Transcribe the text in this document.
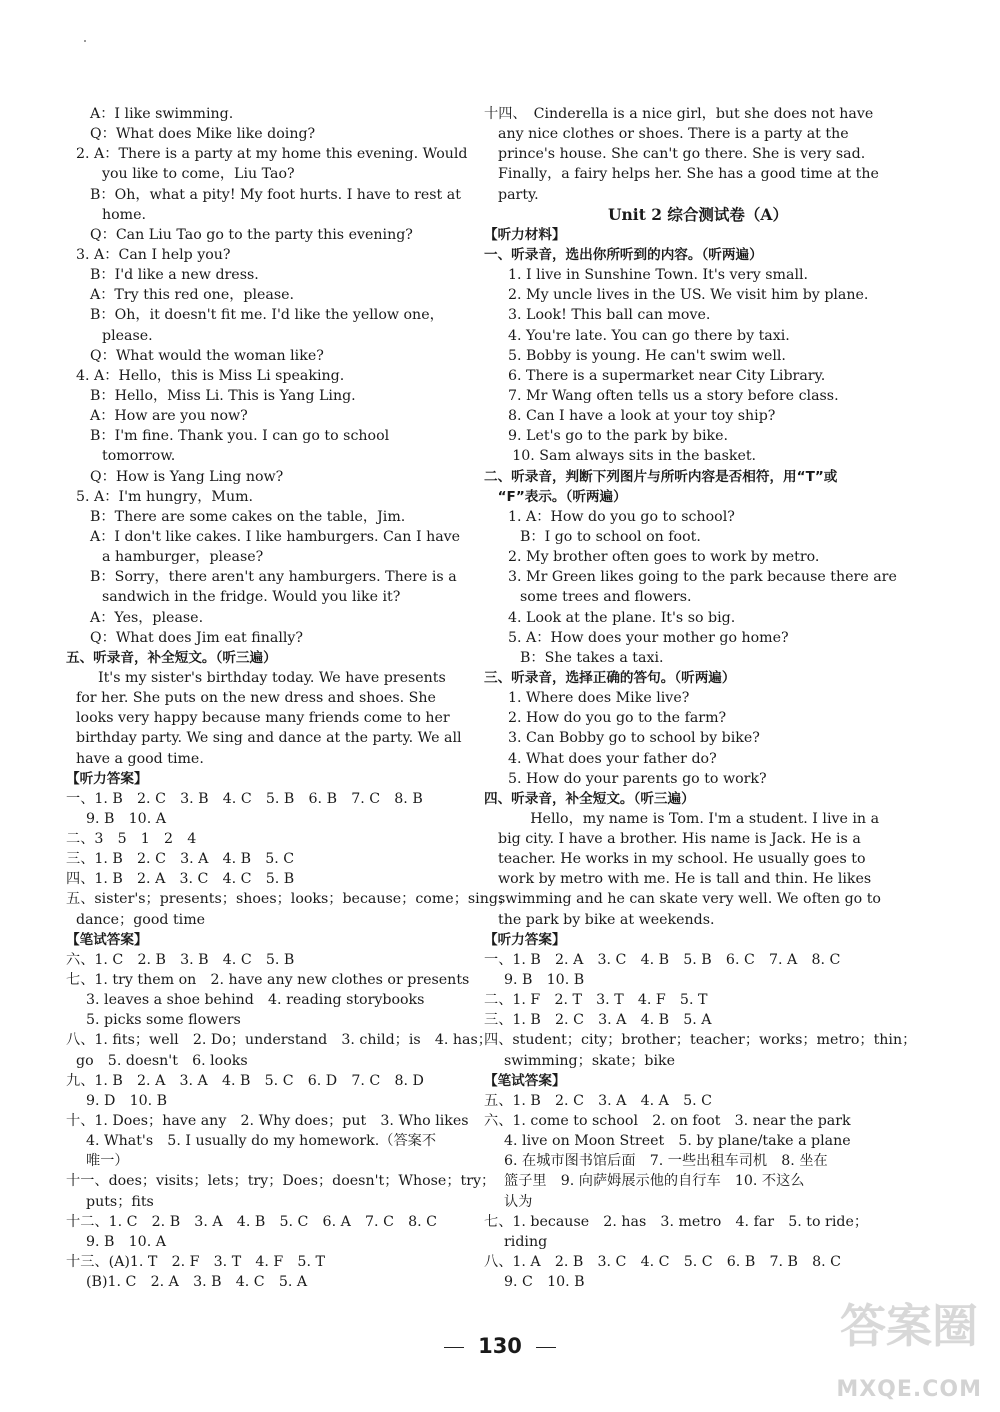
A：I like swimming.
Q：What does Mike like doing?
2. A：There is a party at my home this evening. Would
you like to come，Liu Tao?
B：Oh，what a pity! My foot hurts. I have to rest at
home.
Q：Can Liu Tao go to the party this evening?
3. A：Can I help you?
B：I'd like a new dress.
A：Try this red one，please.
B：Oh，it doesn't fit me. I'd like the yellow one，
please.
Q：What would the woman like?
4. A：Hello，this is Miss Li speaking.
B：Hello，Miss Li. This is Yang Ling.
A：How are you now?
B：I'm fine. Thank you. I can go to school
tomorrow.
Q：How is Yang Ling now?
5. A：I'm hungry，Mum.
B：There are some cakes on the table，Jim.
A：I don't like cakes. I like hamburgers. Can I have
a hamburger，please?
B：Sorry，there aren't any hamburgers. There is a
sandwich in the fridge. Would you like it?
A：Yes，please.
Q：What does Jim eat finally?
五、听录音，补全短文。（听三遍）
It's my sister's birthday today. We have presents
for her. She puts on the new dress and shoes. She
looks very happy because many friends come to her
birthday party. We sing and dance at the party. We all
have a good time.
【听力答案】
一、1. B　2. C　3. B　4. C　5. B　6. B　7. C　8. B
9. B　10. A
二、3　5　1　2　4
三、1. B　2. C　3. A　4. B　5. C
四、1. B　2. A　3. C　4. C　5. B
五、sister's；presents；shoes；looks；because；come；sing；
dance；good time
【笔试答案】
六、1. C　2. B　3. B　4. C　5. B
七、1. try them on　2. have any new clothes or presents
3. leaves a shoe behind　4. reading storybooks
5. picks some flowers
八、1. fits；well　2. Do；understand　3. child；is　4. has；
go　5. doesn't　6. looks
九、1. B　2. A　3. A　4. B　5. C　6. D　7. C　8. D
9. D　10. B
十、1. Does；have any　2. Why does；put　3. Who likes
4. What's　5. I usually do my homework.（答案不
唯一）
十一、does；visits；lets；try；Does；doesn't；Whose；try；
puts；fits
十二、1. C　2. B　3. A　4. B　5. C　6. A　7. C　8. C
9. B　10. A
十三、(A)1. T　2. F　3. T　4. F　5. T
(B)1. C　2. A　3. B　4. C　5. A
十四、　Cinderella is a nice girl，but she does not have
any nice clothes or shoes. There is a party at the
prince's house. She can't go there. She is very sad.
Finally，a fairy helps her. She has a good time at the
party.
Unit 2 综合测试卷（A）
【听力材料】
一、听录音，选出你所听到的内容。（听两遍）
1. I live in Sunshine Town. It's very small.
2. My uncle lives in the US. We visit him by plane.
3. Look! This ball can move.
4. You're late. You can go there by taxi.
5. Bobby is young. He can't swim well.
6. There is a supermarket near City Library.
7. Mr Wang often tells us a story before class.
8. Can I have a look at your toy ship?
9. Let's go to the park by bike.
　10. Sam always sits in the basket.
二、听录音，判断下列图片与所听内容是否相符，用“T”或
　“F”表示。（听两遍）
1. A：How do you go to school?
B：I go to school on foot.
2. My brother often goes to work by metro.
3. Mr Green likes going to the park because there are
some trees and flowers.
4. Look at the plane. It's so big.
5. A：How does your mother go home?
B：She takes a taxi.
三、听录音，选择正确的答句。（听两遍）
1. Where does Mike live?
2. How do you go to the farm?
3. Can Bobby go to school by bike?
4. What does your father do?
5. How do your parents go to work?
四、听录音，补全短文。（听三遍）
　Hello，my name is Tom. I'm a student. I live in a
big city. I have a brother. His name is Jack. He is a
teacher. He works in my school. He usually goes to
work by metro with me. He is tall and thin. He likes
swimming and he can skate very well. We often go to
the park by bike at weekends.
【听力答案】
一、1. B　2. A　3. C　4. B　5. B　6. C　7. A　8. C
9. B　10. B
二、1. F　2. T　3. T　4. F　5. T
三、1. B　2. C　3. A　4. B　5. A
四、student；city；brother；teacher；works；metro；thin；
swimming；skate；bike
【笔试答案】
五、1. B　2. C　3. A　4. A　5. C
六、1. come to school　2. on foot　3. near the park
4. live on Moon Street　5. by plane/take a plane
6. 在城市图书馆后面　7. 一些出租车司机　8. 坐在
篮子里　9. 向萨姆展示他的自行车　10. 不这么
认为
七、1. because　2. has　3. metro　4. far　5. to ride；
riding
八、1. A　2. B　3. C　4. C　5. C　6. B　7. B　8. C
9. C　10. B
130	答案圈
MXQE.COM
